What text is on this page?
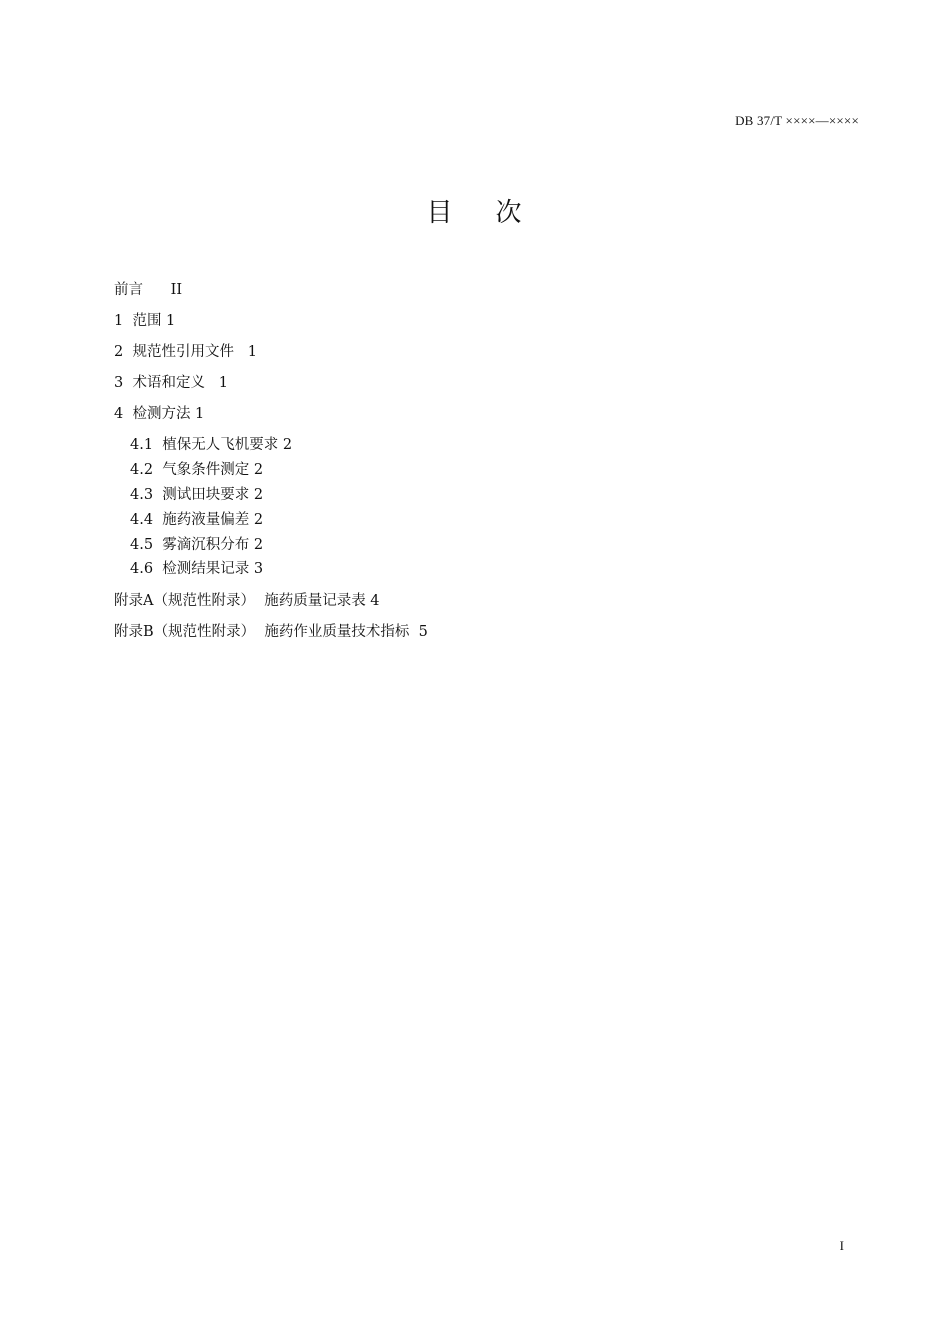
DB 37/T ××××—××××
目    次
前言      II
1  范围 1
2  规范性引用文件   1
3  术语和定义   1
4  检测方法 1
4.1  植保无人飞机要求 2
4.2  气象条件测定 2
4.3  测试田块要求 2
4.4  施药液量偏差 2
4.5  雾滴沉积分布 2
4.6  检测结果记录 3
附录A（规范性附录）  施药质量记录表 4
附录B（规范性附录）  施药作业质量技术指标  5
I
